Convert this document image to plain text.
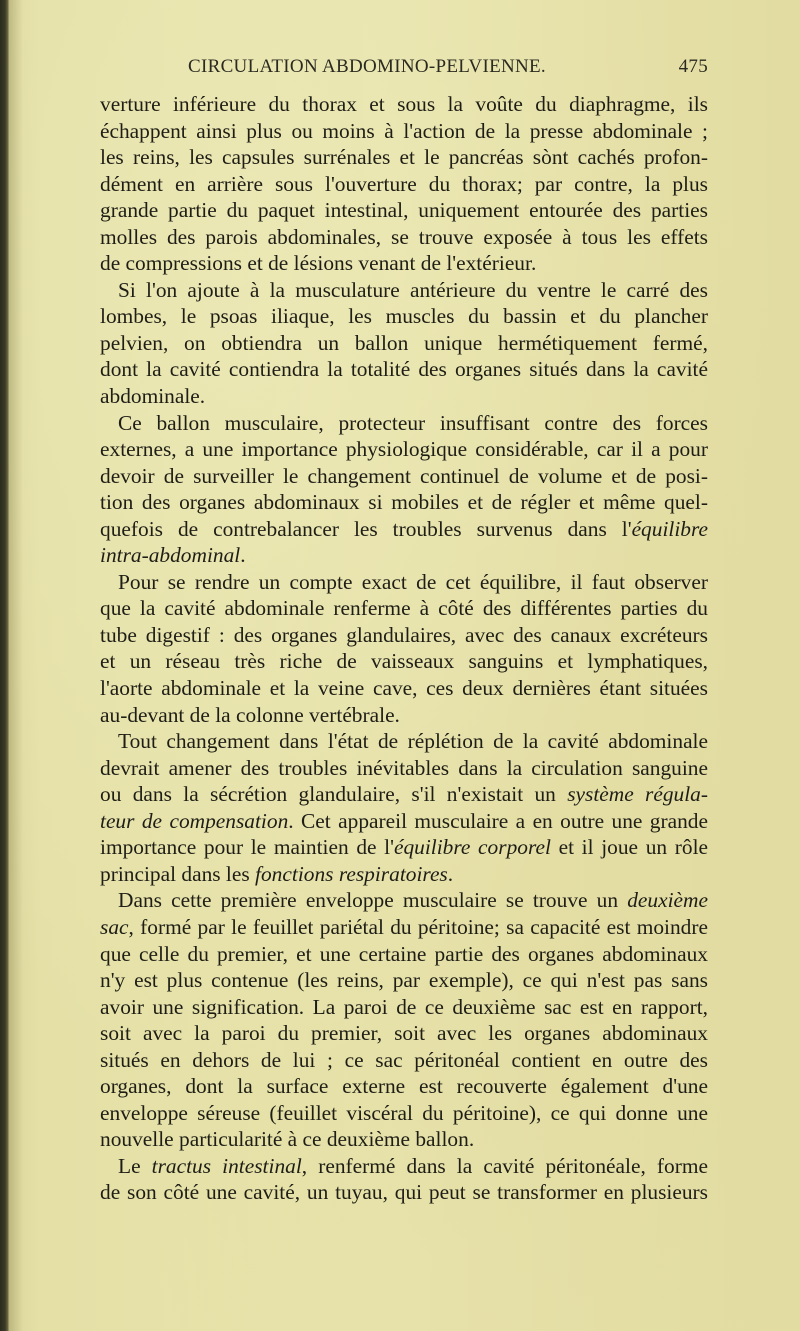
CIRCULATION ABDOMINO-PELVIENNE.	475
verture inférieure du thorax et sous la voûte du diaphragme, ils
échappent ainsi plus ou moins à l'action de la presse abdominale ;
les reins, les capsules surrénales et le pancréas sònt cachés profon-
dément en arrière sous l'ouverture du thorax; par contre, la plus
grande partie du paquet intestinal, uniquement entourée des parties
molles des parois abdominales, se trouve exposée à tous les effets
de compressions et de lésions venant de l'extérieur.
Si l'on ajoute à la musculature antérieure du ventre le carré des
lombes, le psoas iliaque, les muscles du bassin et du plancher
pelvien, on obtiendra un ballon unique hermétiquement fermé,
dont la cavité contiendra la totalité des organes situés dans la cavité
abdominale.
Ce ballon musculaire, protecteur insuffisant contre des forces
externes, a une importance physiologique considérable, car il a pour
devoir de surveiller le changement continuel de volume et de posi-
tion des organes abdominaux si mobiles et de régler et même quel-
quefois de contrebalancer les troubles survenus dans l'équilibre
intra-abdominal.
Pour se rendre un compte exact de cet équilibre, il faut observer
que la cavité abdominale renferme à côté des différentes parties du
tube digestif : des organes glandulaires, avec des canaux excréteurs
et un réseau très riche de vaisseaux sanguins et lymphatiques,
l'aorte abdominale et la veine cave, ces deux dernières étant situées
au-devant de la colonne vertébrale.
Tout changement dans l'état de réplétion de la cavité abdominale
devrait amener des troubles inévitables dans la circulation sanguine
ou dans la sécrétion glandulaire, s'il n'existait un système régula-
teur de compensation. Cet appareil musculaire a en outre une grande
importance pour le maintien de l'équilibre corporel et il joue un rôle
principal dans les fonctions respiratoires.
Dans cette première enveloppe musculaire se trouve un deuxième
sac, formé par le feuillet pariétal du péritoine; sa capacité est moindre
que celle du premier, et une certaine partie des organes abdominaux
n'y est plus contenue (les reins, par exemple), ce qui n'est pas sans
avoir une signification. La paroi de ce deuxième sac est en rapport,
soit avec la paroi du premier, soit avec les organes abdominaux
situés en dehors de lui ; ce sac péritonéal contient en outre des
organes, dont la surface externe est recouverte également d'une
enveloppe séreuse (feuillet viscéral du péritoine), ce qui donne une
nouvelle particularité à ce deuxième ballon.
Le tractus intestinal, renfermé dans la cavité péritonéale, forme
de son côté une cavité, un tuyau, qui peut se transformer en plusieurs
